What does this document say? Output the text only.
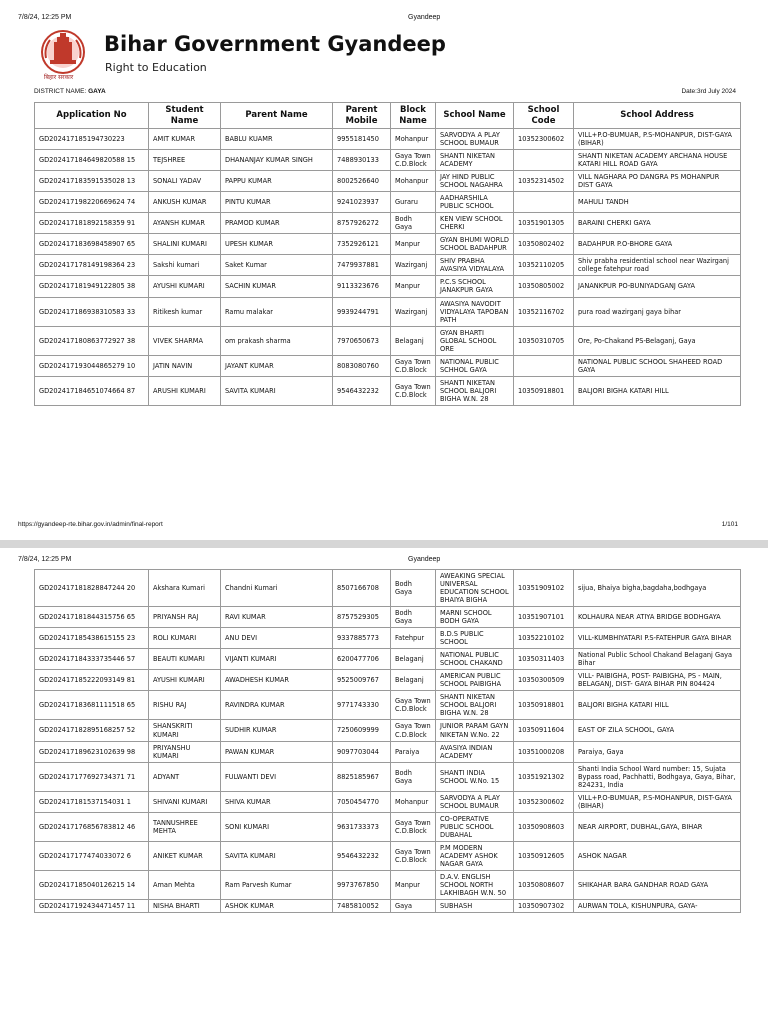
7/8/24, 12:25 PM	Gyandeep
बिहार सरकार
Bihar Government Gyandeep
Right to Education
DISTRICT NAME: GAYA	Date:3rd July 2024
Application No	Student Name	Parent Name	Parent Mobile	Block Name	School Name	School Code	School Address
GD202417185194730223	AMIT KUMAR	BABLU KUAMR	9955181450	Mohanpur	SARVODYA A PLAY SCHOOL BUMAUR	10352300602	VILL+P.O-BUMUAR, P.S-MOHANPUR, DIST-GAYA (BIHAR)
GD202417184649820588 15	TEJSHREE	DHANANJAY KUMAR SINGH	7488930133	Gaya Town C.D.Block	SHANTI NIKETAN ACADEMY		SHANTI NIKETAN ACADEMY ARCHANA HOUSE KATARI HILL ROAD GAYA
GD202417183591535028 13	SONALI YADAV	PAPPU KUMAR	8002526640	Mohanpur	JAY HIND PUBLIC SCHOOL NAGAHRA	10352314502	VILL NAGHARA PO DANGRA PS MOHANPUR DIST GAYA
GD202417198220669624 74	ANKUSH KUMAR	PINTU KUMAR	9241023937	Guraru	AADHARSHILA PUBLIC SCHOOL		MAHULI TANDH
GD202417181892158359 91	AYANSH KUMAR	PRAMOD KUMAR	8757926272	Bodh Gaya	KEN VIEW SCHOOL CHERKI	10351901305	BARAINI CHERKI GAYA
GD202417183698458907 65	SHALINI KUMARI	UPESH KUMAR	7352926121	Manpur	GYAN BHUMI WORLD SCHOOL BADAHPUR	10350802402	BADAHPUR P.O-BHORE GAYA
GD202417178149198364 23	Sakshi kumari	Saket Kumar	7479937881	Wazirganj	SHIV PRABHA AVASIYA VIDYALAYA	10352110205	Shiv prabha residential school near Wazirganj college fatehpur road
GD202417181949122805 38	AYUSHI KUMARI	SACHIN KUMAR	9113323676	Manpur	P.C.S SCHOOL JANAKPUR GAYA	10350805002	JANANKPUR PO-BUNIYADGANJ GAYA
GD202417186938310583 33	Ritikesh kumar	Ramu malakar	9939244791	Wazirganj	AWASIYA NAVODIT VIDYALAYA TAPOBAN PATH	10352116702	pura road wazirganj gaya bihar
GD202417180863772927 38	VIVEK SHARMA	om prakash sharma	7970650673	Belaganj	GYAN BHARTI GLOBAL SCHOOL ORE	10350310705	Ore, Po-Chakand PS-Belaganj, Gaya
GD202417193044865279 10	JATIN NAVIN	JAYANT KUMAR	8083080760	Gaya Town C.D.Block	NATIONAL PUBLIC SCHHOL GAYA		NATIONAL PUBLIC SCHOOL SHAHEED ROAD GAYA
GD202417184651074664 87	ARUSHI KUMARI	SAVITA KUMARI	9546432232	Gaya Town C.D.Block	SHANTI NIKETAN SCHOOL BALJORI BIGHA W.N. 28	10350918801	BALJORI BIGHA KATARI HILL
https://gyandeep-rte.bihar.gov.in/admin/final-report	1/101
7/8/24, 12:25 PM	Gyandeep
GD202417181828847244 20	Akshara Kumari	Chandni Kumari	8507166708	Bodh Gaya	AWEAKING SPECIAL UNIVERSAL EDUCATION SCHOOL BHAIYA BIGHA	10351909102	sijua, Bhaiya bigha,bagdaha,bodhgaya
GD202417181844315756 65	PRIYANSH RAJ	RAVI KUMAR	8757529305	Bodh Gaya	MARNI SCHOOL BODH GAYA	10351907101	KOLHAURA NEAR ATIYA BRIDGE BODHGAYA
GD202417185438615155 23	ROLI KUMARI	ANU DEVI	9337885773	Fatehpur	B.D.S PUBLIC SCHOOL	10352210102	VILL-KUMBHIYATARI P.S-FATEHPUR GAYA BIHAR
GD202417184333735446 57	BEAUTI KUMARI	VIJANTI KUMARI	6200477706	Belaganj	NATIONAL PUBLIC SCHOOL CHAKAND	10350311403	National Public School Chakand Belaganj Gaya Bihar
GD202417185222093149 81	AYUSHI KUMARI	AWADHESH KUMAR	9525009767	Belaganj	AMERICAN PUBLIC SCHOOL PAIBIGHA	10350300509	VILL- PAIBIGHA, POST- PAIBIGHA, PS - MAIN, BELAGANJ, DIST- GAYA BIHAR PIN 804424
GD202417183681111518 65	RISHU RAJ	RAVINDRA KUMAR	9771743330	Gaya Town C.D.Block	SHANTI NIKETAN SCHOOL BALJORI BIGHA W.N. 28	10350918801	BALJORI BIGHA KATARI HILL
GD202417182895168257 52	SHANSKRITI KUMARI	SUDHIR KUMAR	7250609999	Gaya Town C.D.Block	JUNIOR PARAM GAYN NIKETAN W.No. 22	10350911604	EAST OF ZILA SCHOOL, GAYA
GD202417189623102639 98	PRIYANSHU KUMARI	PAWAN KUMAR	9097703044	Paraiya	AVASIYA INDIAN ACADEMY	10351000208	Paraiya, Gaya
GD202417177692734371 71	ADYANT	FULWANTI DEVI	8825185967	Bodh Gaya	SHANTI INDIA SCHOOL W.No. 15	10351921302	Shanti India School Ward number: 15, Sujata Bypass road, Pachhatti, Bodhgaya, Gaya, Bihar, 824231, India
GD202417181537154031 1	SHIVANI KUMARI	SHIVA KUMAR	7050454770	Mohanpur	SARVODYA A PLAY SCHOOL BUMAUR	10352300602	VILL+P.O-BUMUAR, P.S-MOHANPUR, DIST-GAYA (BIHAR)
GD202417176856783812 46	TANNUSHREE MEHTA	SONI KUMARI	9631733373	Gaya Town C.D.Block	CO-OPERATIVE PUBLIC SCHOOL DUBAHAL	10350908603	NEAR AIRPORT, DUBHAL,GAYA, BIHAR
GD202417177474033072 6	ANIKET KUMAR	SAVITA KUMARI	9546432232	Gaya Town C.D.Block	P.M MODERN ACADEMY ASHOK NAGAR GAYA	10350912605	ASHOK NAGAR
GD202417185040126215 14	Aman Mehta	Ram Parvesh Kumar	9973767850	Manpur	D.A.V. ENGLISH SCHOOL NORTH LAKHIBAGH W.N. 50	10350808607	SHIKAHAR BARA GANDHAR ROAD GAYA
GD202417192434471457 11	NISHA BHARTI	ASHOK KUMAR	7485810052	Gaya	SUBHASH	10350907302	AURWAN TOLA, KISHUNPURA, GAYA-
